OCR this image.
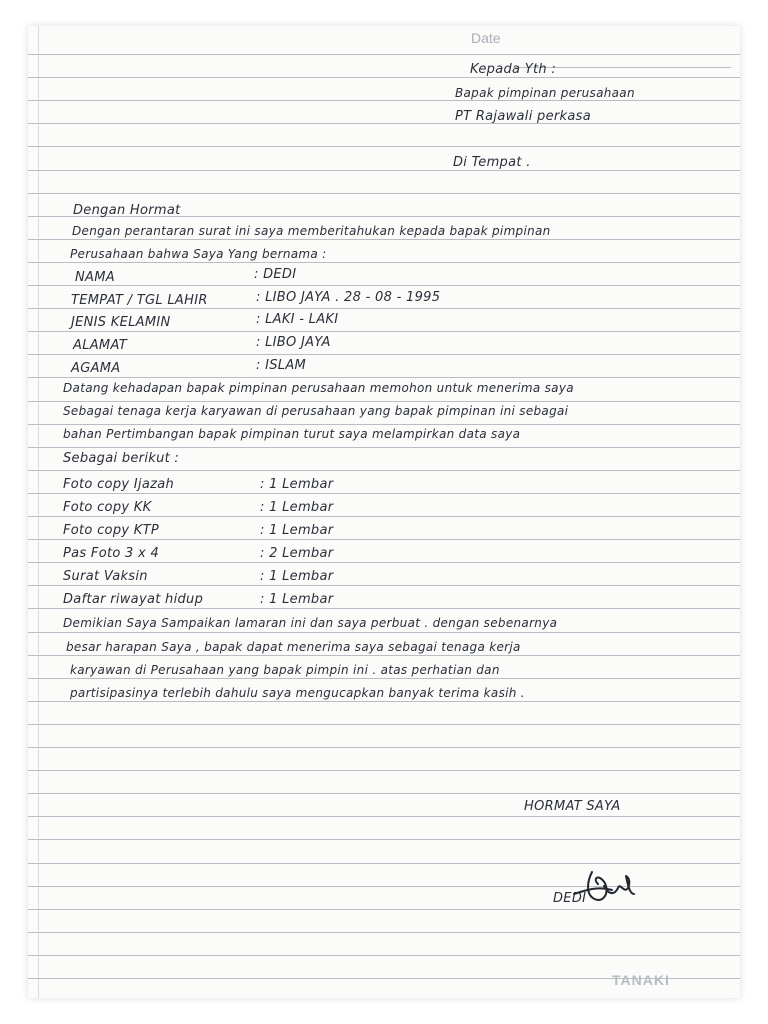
Date
Kepada Yth :
Bapak pimpinan perusahaan
PT Rajawali perkasa
Di Tempat .
Dengan Hormat
Dengan perantaran surat ini saya memberitahukan kepada bapak pimpinan
Perusahaan bahwa Saya Yang bernama :
NAMA	: DEDI
TEMPAT / TGL LAHIR	: LIBO JAYA . 28 - 08 - 1995
JENIS KELAMIN	: LAKI - LAKI
ALAMAT	: LIBO JAYA
AGAMA	: ISLAM
Datang kehadapan bapak pimpinan perusahaan memohon untuk menerima saya
Sebagai tenaga kerja karyawan di perusahaan yang bapak pimpinan ini sebagai
bahan Pertimbangan bapak pimpinan turut saya melampirkan data saya
Sebagai berikut :
Foto copy Ijazah	: 1 Lembar
Foto copy KK	: 1 Lembar
Foto copy KTP	: 1 Lembar
Pas Foto 3 x 4	: 2 Lembar
Surat Vaksin	: 1 Lembar
Daftar riwayat hidup	: 1 Lembar
Demikian Saya Sampaikan lamaran ini dan saya perbuat . dengan sebenarnya
besar harapan Saya , bapak dapat menerima saya sebagai tenaga kerja
karyawan di Perusahaan yang bapak pimpin ini . atas perhatian dan
partisipasinya terlebih dahulu saya mengucapkan banyak terima kasih .
HORMAT SAYA
DEDI
TANAKI
